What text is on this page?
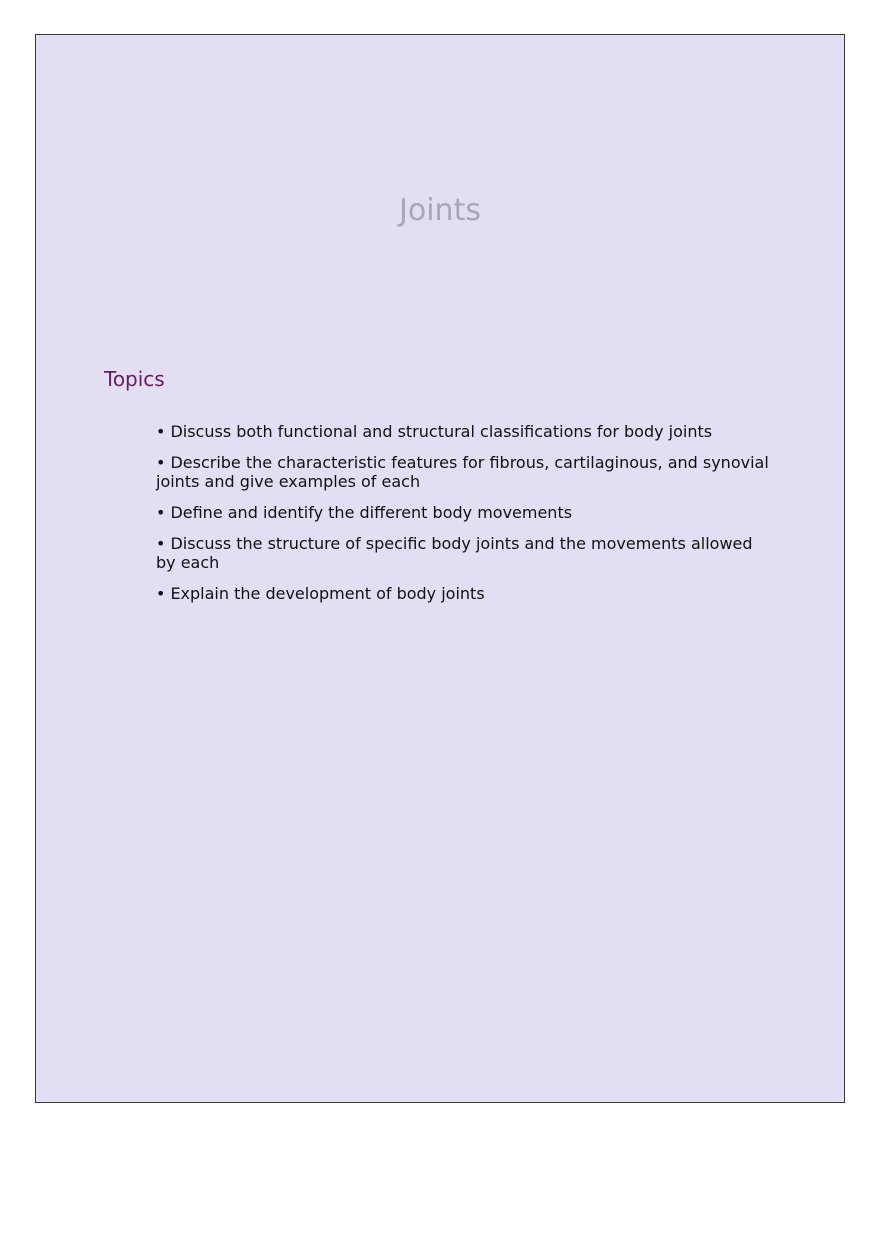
Joints
Topics
• Discuss both functional and structural classifications for body joints
• Describe the characteristic features for fibrous, cartilaginous, and synovial joints and give examples of each
• Define and identify the different body movements
• Discuss the structure of specific body joints and the movements allowed by each
• Explain the development of body joints
